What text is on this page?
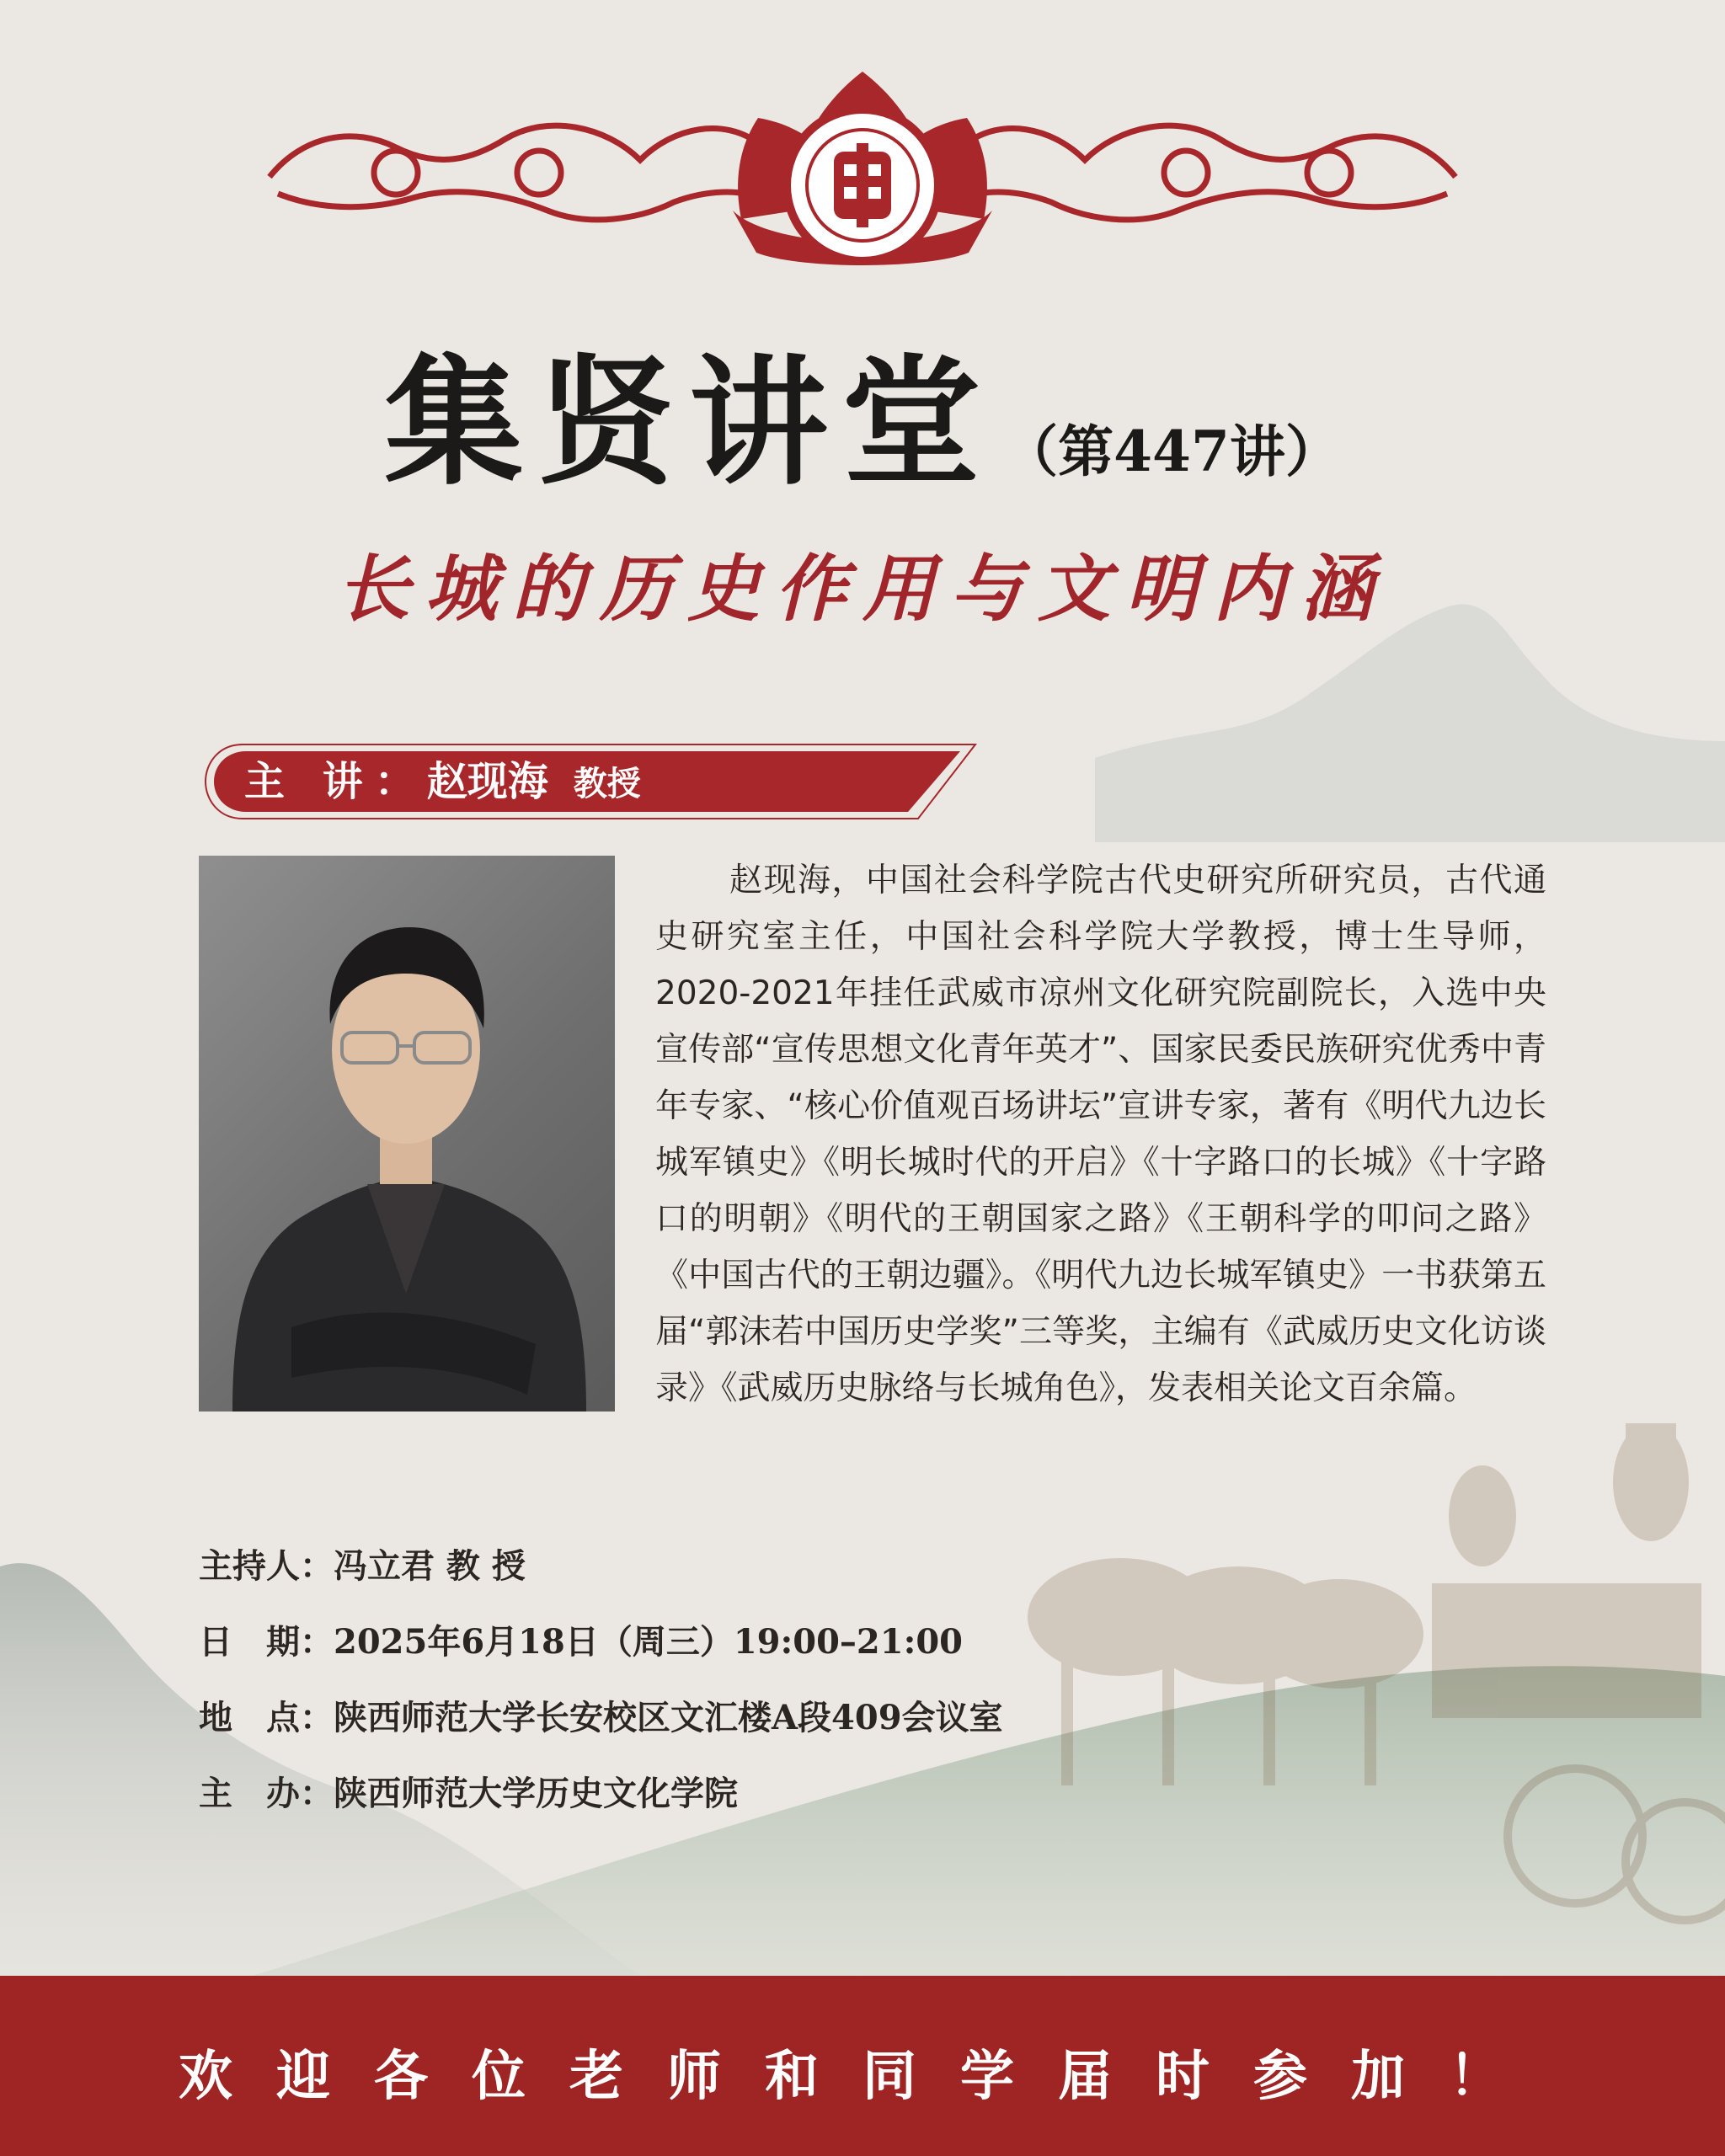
集贤讲堂 （第447讲）
长城的历史作用与文明内涵
主 讲：赵现海 教授
赵现海，中国社会科学院古代史研究所研究员，古代通史研究室主任，中国社会科学院大学教授，博士生导师，2020-2021年挂任武威市凉州文化研究院副院长，入选中央宣传部“宣传思想文化青年英才”、国家民委民族研究优秀中青年专家、“核心价值观百场讲坛”宣讲专家，著有《明代九边长城军镇史》《明长城时代的开启》《十字路口的长城》《十字路口的明朝》《明代的王朝国家之路》《王朝科学的叩问之路》《中国古代的王朝边疆》。《明代九边长城军镇史》一书获第五届“郭沫若中国历史学奖”三等奖，主编有《武威历史文化访谈录》《武威历史脉络与长城角色》，发表相关论文百余篇。
主持人：冯立君 教 授
日　期：2025年6月18日（周三）19:00–21:00
地　点：陕西师范大学长安校区文汇楼A段409会议室
主　办：陕西师范大学历史文化学院
欢迎各位老师和同学届时参加！
